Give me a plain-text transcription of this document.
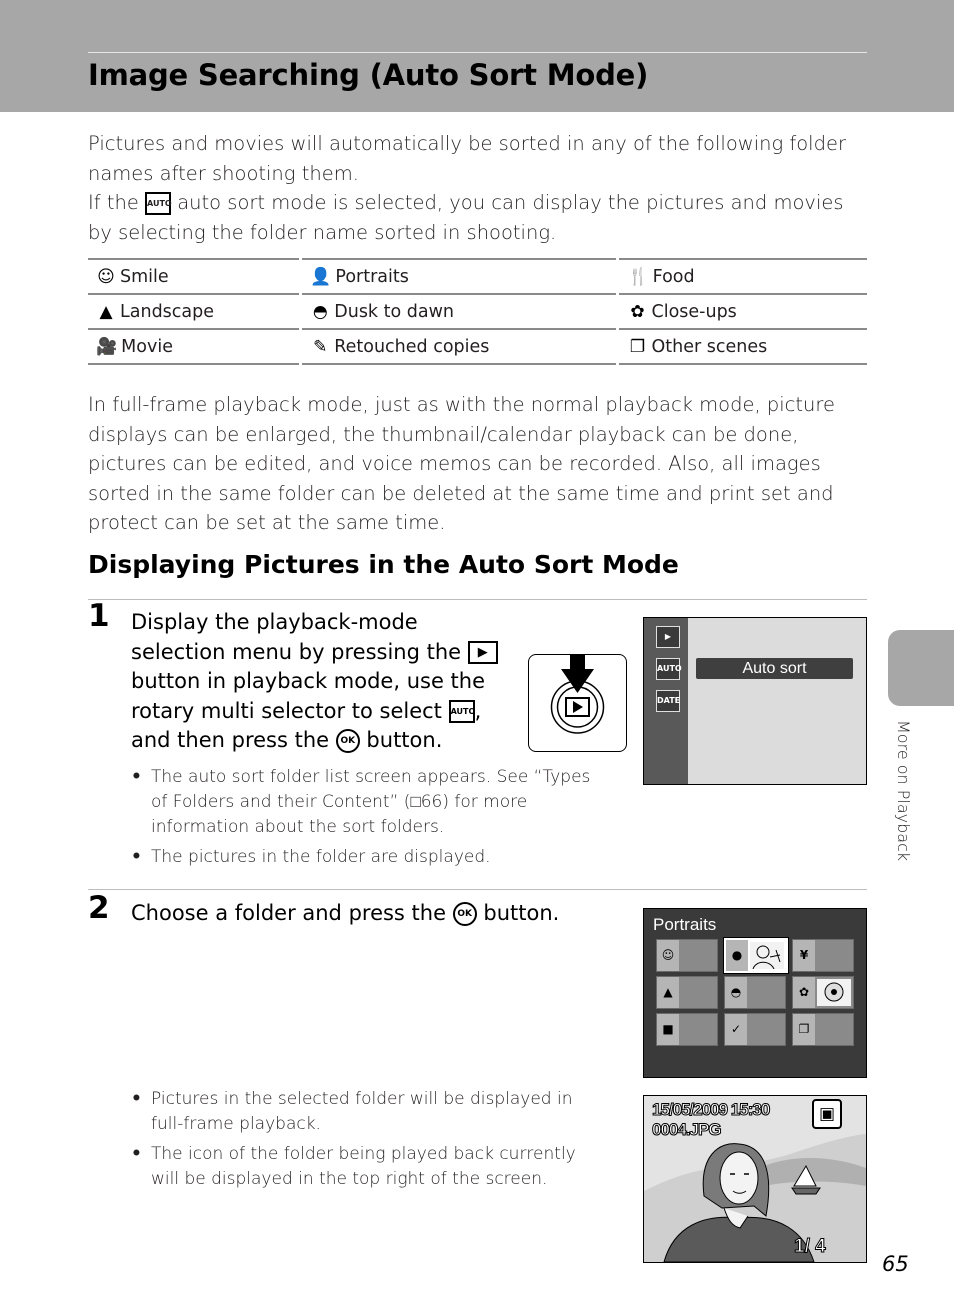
Image Searching (Auto Sort Mode)

Pictures and movies will automatically be sorted in any of the following folder names after shooting them.

If the AUTO auto sort mode is selected, you can display the pictures and movies by selecting the folder name sorted in shooting.

☺ Smile	👤 Portraits	🍴 Food
▲ Landscape	◓ Dusk to dawn	✿ Close-ups
🎥 Movie	✎ Retouched copies	❐ Other scenes
In full-frame playback mode, just as with the normal playback mode, picture displays can be enlarged, the thumbnail/calendar playback can be done, pictures can be edited, and voice memos can be recorded. Also, all images sorted in the same folder can be deleted at the same time and print set and protect can be set at the same time.
Displaying Pictures in the Auto Sort Mode
1 Display the playback-mode selection menu by pressing the ▶ button in playback mode, use the rotary multi selector to select AUTO, and then press the OK button.
• The auto sort folder list screen appears. See “Types of Folders and their Content” (□66) for more information about the sort folders.
• The pictures in the folder are displayed.
▶
AUTO
DATE
Auto sort
2 Choose a folder and press the OK button.
• Pictures in the selected folder will be displayed in full-frame playback.
• The icon of the folder being played back currently will be displayed in the top right of the screen.
Portraits
☺	●	¥
▲	◓	✿
■	✓	❐
15/05/2009 15:30
0004.JPG
▣
1/ 4
More on Playback
65
